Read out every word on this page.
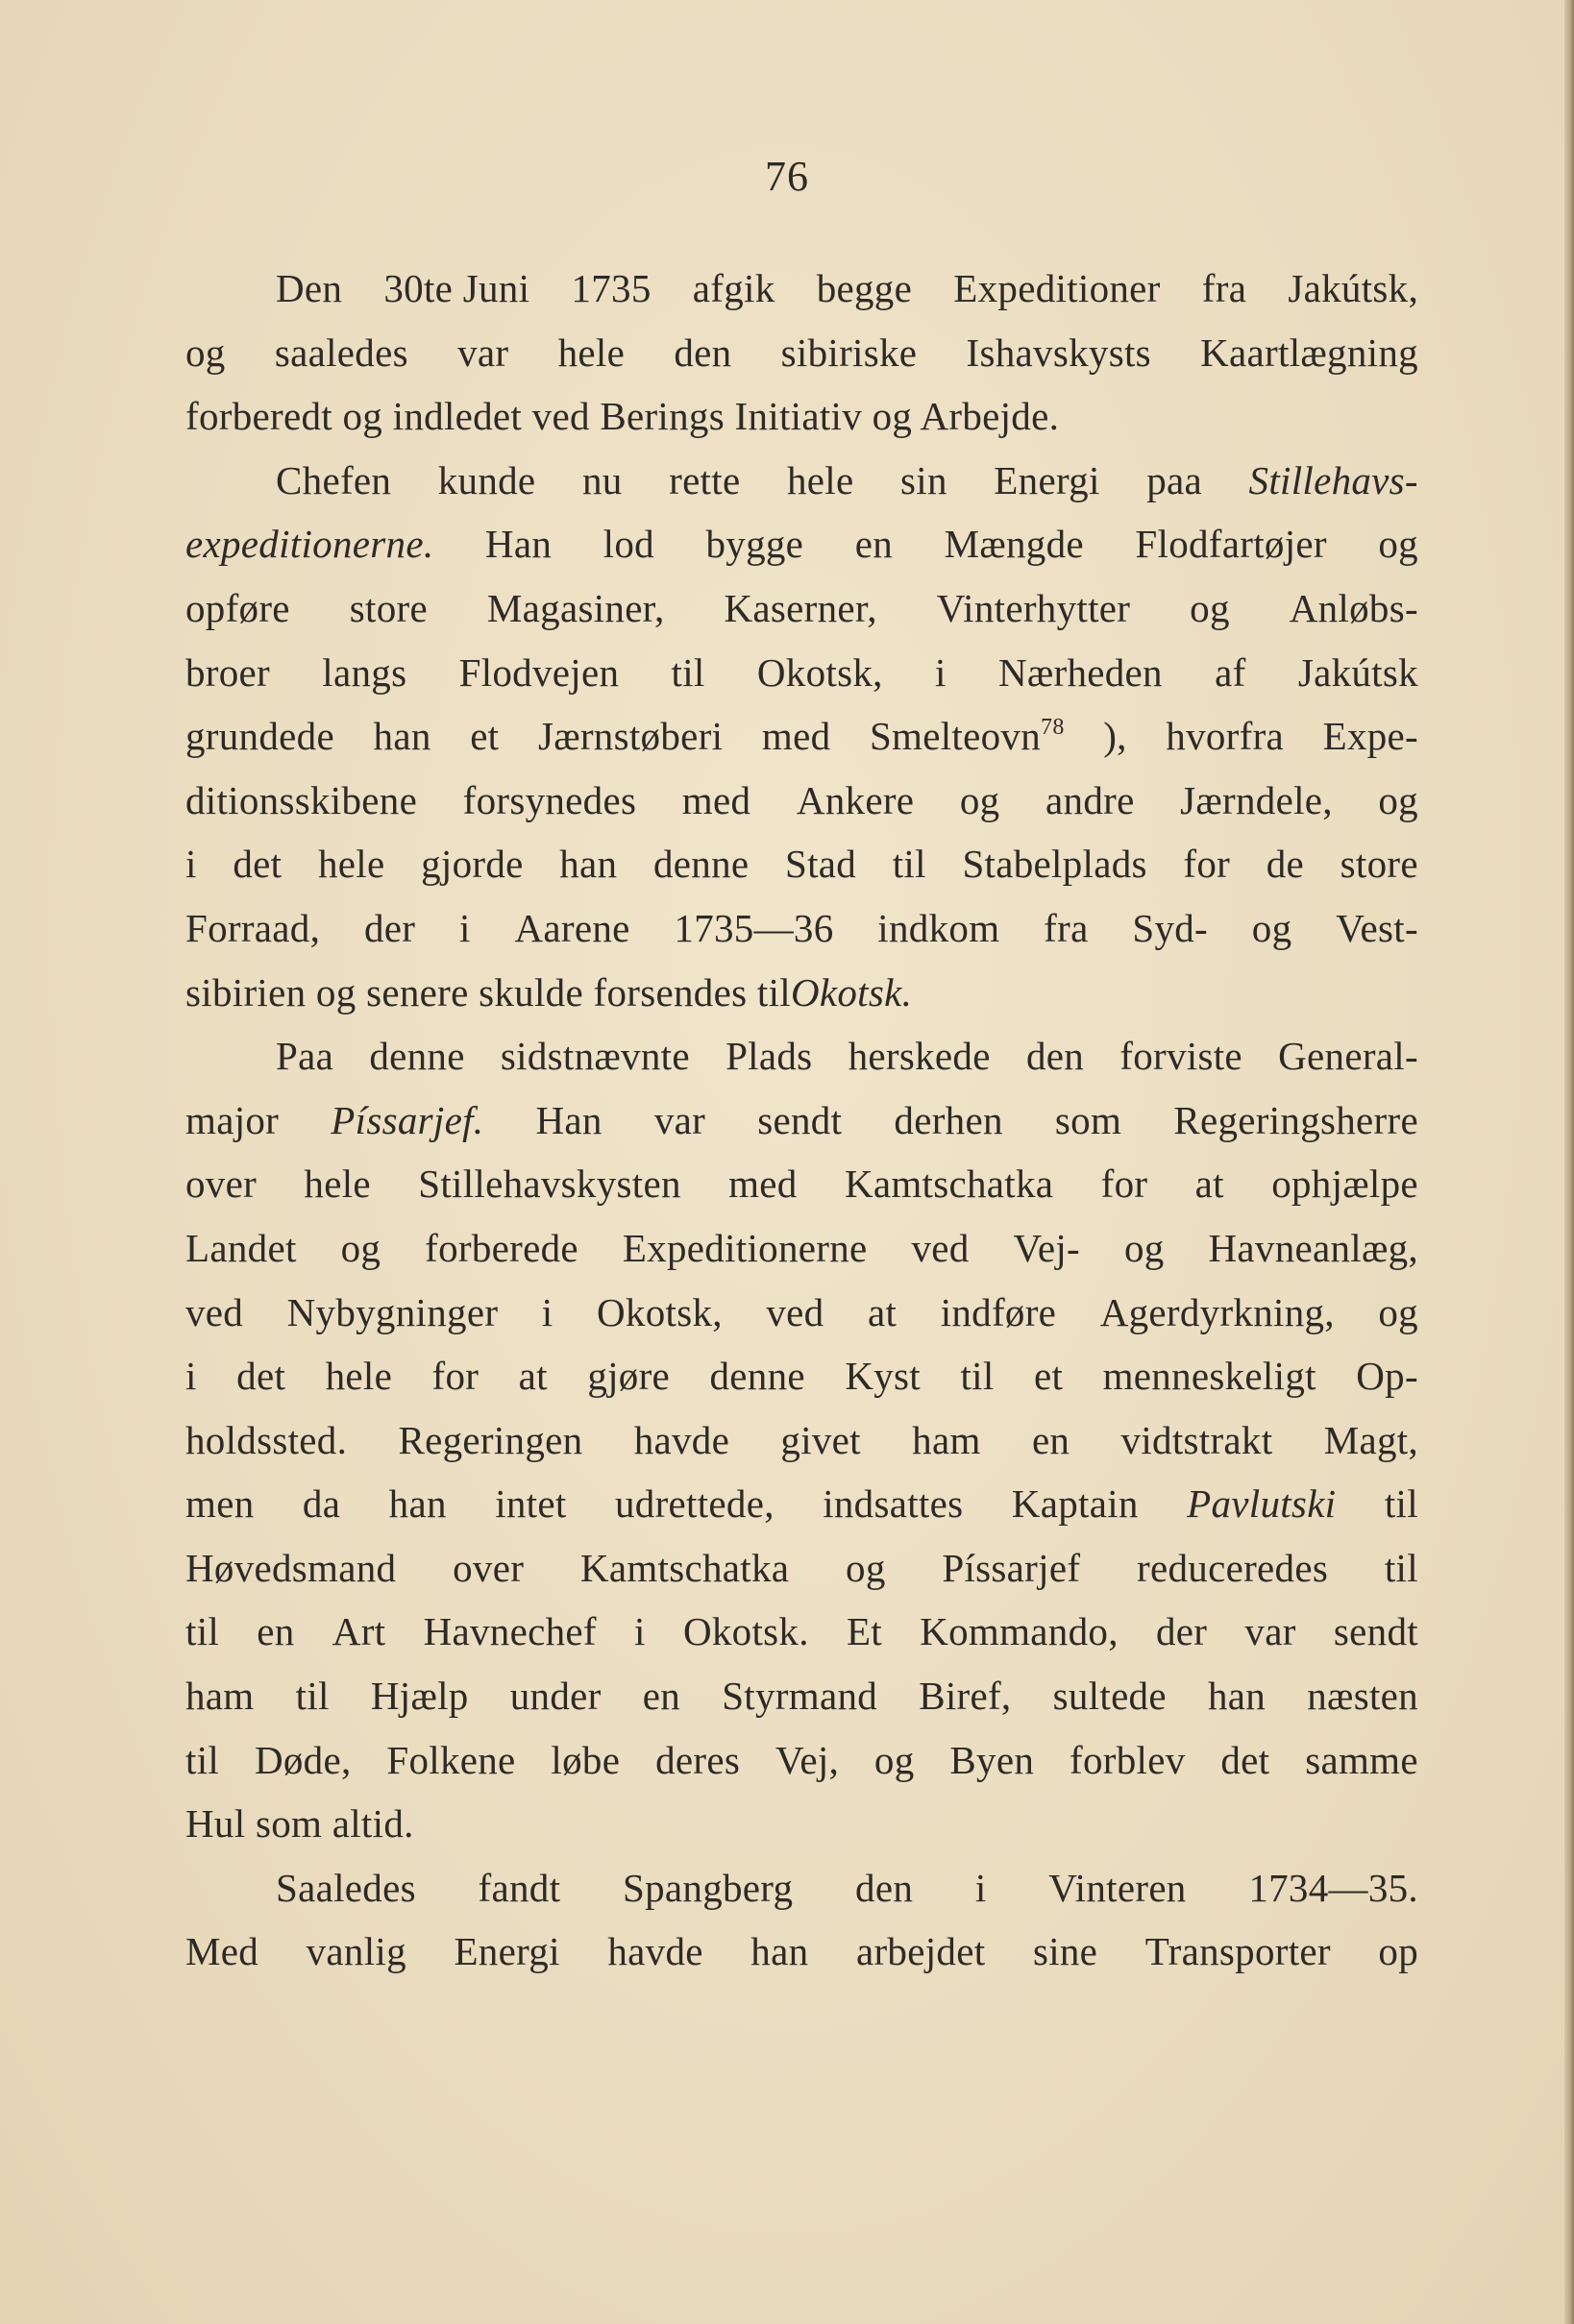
76
Den 30te Juni 1735 afgik begge Expeditioner fra Jakútsk,
og saaledes var hele den sibiriske Ishavskysts Kaartlægning
forberedt og indledet ved Berings Initiativ og Arbejde.
Chefen kunde nu rette hele sin Energi paa Stillehavs-
expeditionerne. Han lod bygge en Mængde Flodfartøjer og
opføre store Magasiner, Kaserner, Vinterhytter og Anløbs-
broer langs Flodvejen til Okotsk, i Nærheden af Jakútsk
grundede han et Jærnstøberi med Smelteovn$^{78}$ ), hvorfra Expe-
ditionsskibene forsynedes med Ankere og andre Jærndele, og
i det hele gjorde han denne Stad til Stabelplads for de store
Forraad, der i Aarene 1735—36 indkom fra Syd- og Vest-
sibirien og senere skulde forsendes til Okotsk.
Paa denne sidstnævnte Plads herskede den forviste General-
major Píssarjef. Han var sendt derhen som Regeringsherre
over hele Stillehavskysten med Kamtschatka for at ophjælpe
Landet og forberede Expeditionerne ved Vej- og Havneanlæg,
ved Nybygninger i Okotsk, ved at indføre Agerdyrkning, og
i det hele for at gjøre denne Kyst til et menneskeligt Op-
holdssted. Regeringen havde givet ham en vidtstrakt Magt,
men da han intet udrettede, indsattes Kaptain Pavlutski til
Høvedsmand over Kamtschatka og Píssarjef reduceredes til
til en Art Havnechef i Okotsk. Et Kommando, der var sendt
ham til Hjælp under en Styrmand Biref, sultede han næsten
til Døde, Folkene løbe deres Vej, og Byen forblev det samme
Hul som altid.
Saaledes fandt Spangberg den i Vinteren 1734—35.
Med vanlig Energi havde han arbejdet sine Transporter op
